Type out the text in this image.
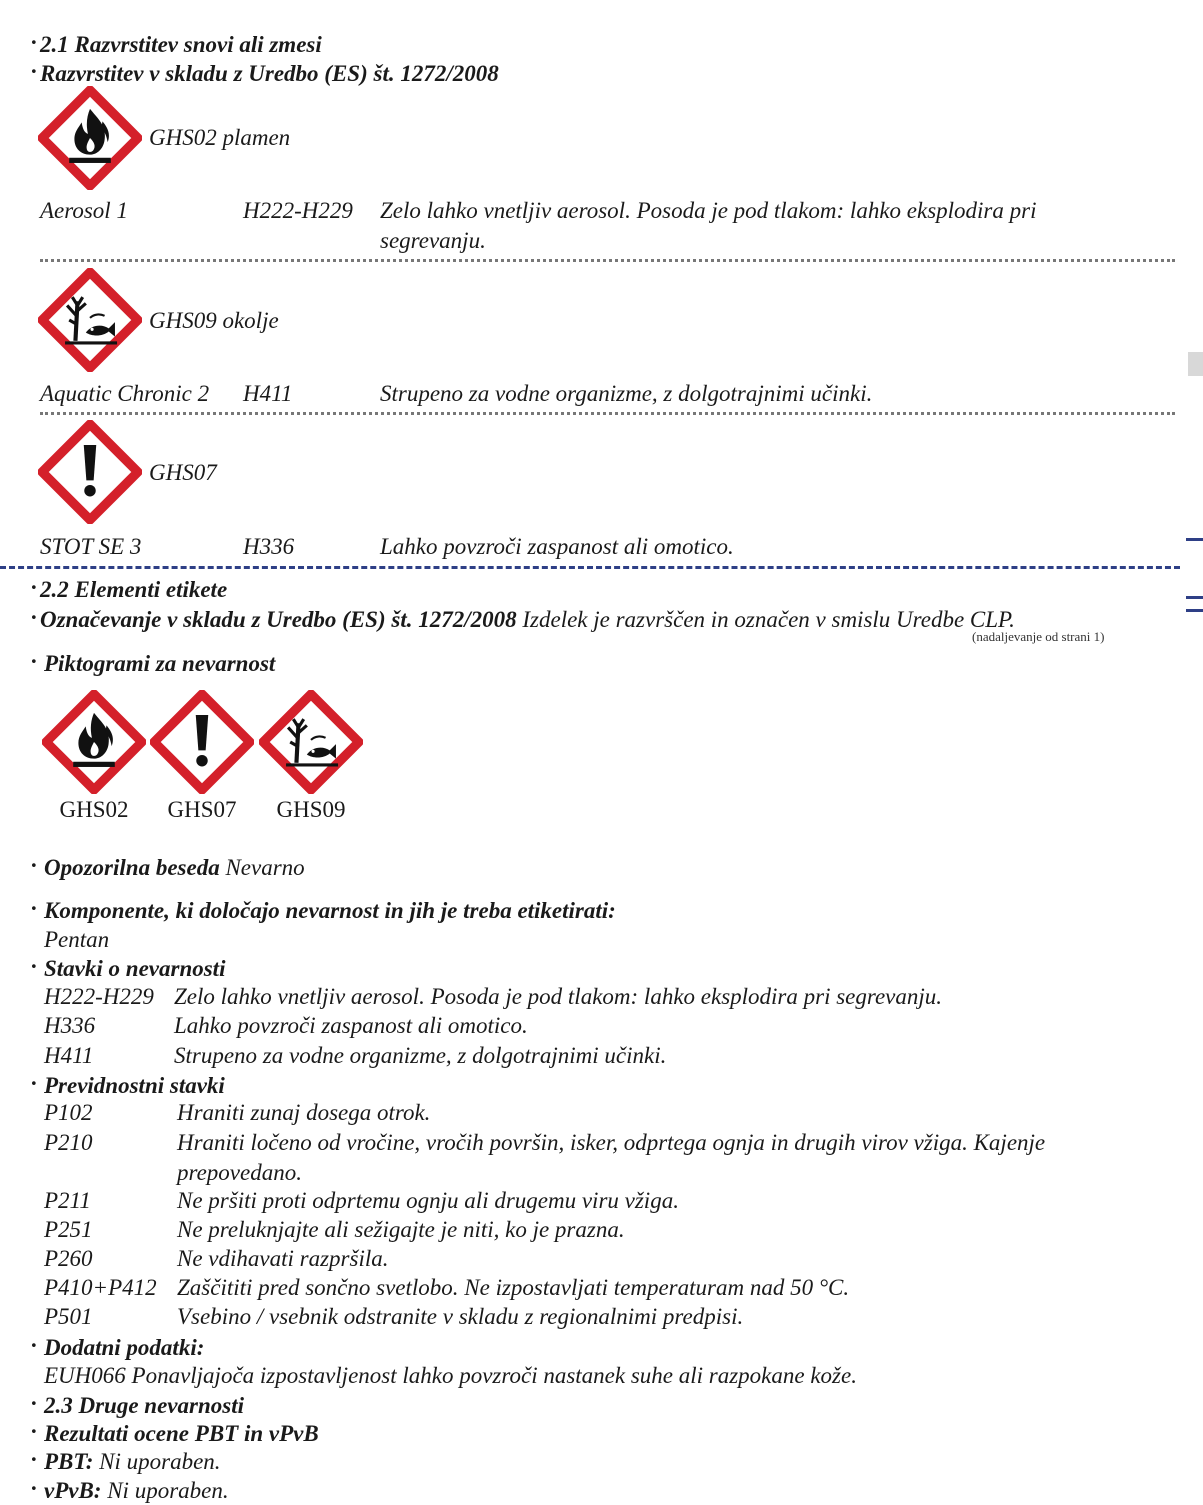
· 2.1 Razvrstitev snovi ali zmesi
· Razvrstitev v skladu z Uredbo (ES) št. 1272/2008
GHS02 plamen
Aerosol 1	H222-H229 Zelo lahko vnetljiv aerosol. Posoda je pod tlakom: lahko eksplodira pri
segrevanju.
GHS09 okolje
Aquatic Chronic 2 H411	Strupeno za vodne organizme, z dolgotrajnimi učinki.
GHS07
STOT SE 3	H336	Lahko povzroči zaspanost ali omotico.
· 2.2 Elementi etikete
· Označevanje v skladu z Uredbo (ES) št. 1272/2008 Izdelek je razvrščen in označen v smislu Uredbe CLP.
(nadaljevanje od strani 1)
· Piktogrami za nevarnost
GHS02	GHS07	GHS09
· Opozorilna beseda Nevarno
· Komponente, ki določajo nevarnost in jih je treba etiketirati:
Pentan
· Stavki o nevarnosti
H222-H229 Zelo lahko vnetljiv aerosol. Posoda je pod tlakom: lahko eksplodira pri segrevanju.
H336	Lahko povzroči zaspanost ali omotico.
H411	Strupeno za vodne organizme, z dolgotrajnimi učinki.
· Previdnostni stavki
P102	Hraniti zunaj dosega otrok.
P210	Hraniti ločeno od vročine, vročih površin, isker, odprtega ognja in drugih virov vžiga. Kajenje
prepovedano.
P211	Ne pršiti proti odprtemu ognju ali drugemu viru vžiga.
P251	Ne preluknjajte ali sežigajte je niti, ko je prazna.
P260	Ne vdihavati razpršila.
P410+P412 Zaščititi pred sončno svetlobo. Ne izpostavljati temperaturam nad 50 °C.
P501	Vsebino / vsebnik odstranite v skladu z regionalnimi predpisi.
· Dodatni podatki:
EUH066 Ponavljajoča izpostavljenost lahko povzroči nastanek suhe ali razpokane kože.
· 2.3 Druge nevarnosti
· Rezultati ocene PBT in vPvB
· PBT: Ni uporaben.
· vPvB: Ni uporaben.
